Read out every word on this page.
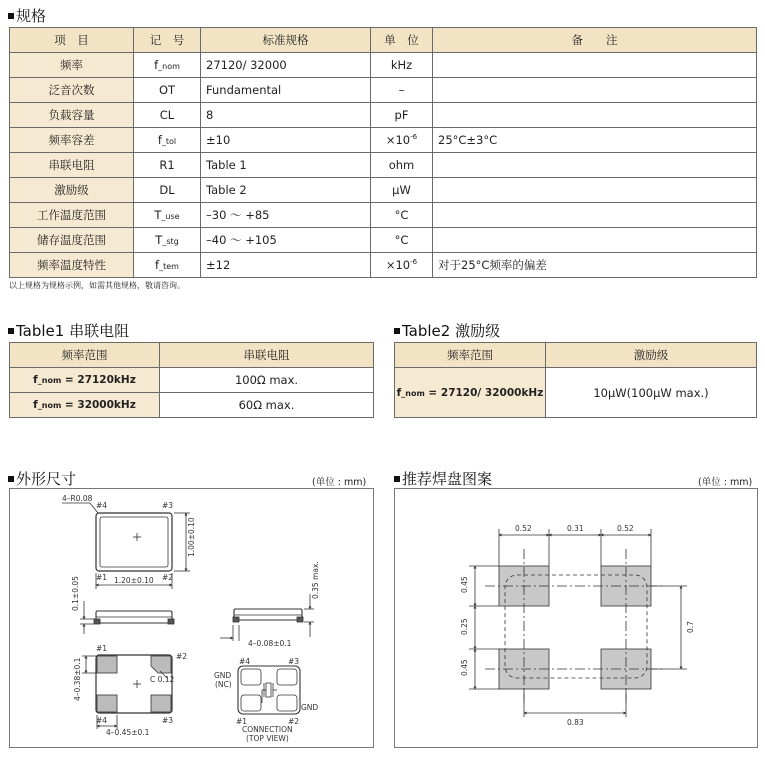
规格
项　目	记　号	标准规格	单　位	备　　注
频率	f_nom	27120/ 32000	kHz	
泛音次数	OT	Fundamental	–	
负载容量	CL	8	pF	
频率容差	f_tol	±10	$\times 10^{-6}$	25°C±3°C
串联电阻	R1	Table 1	ohm	
激励级	DL	Table 2	μW	
工作温度范围	T_use	–30 ～ +85	°C	
储存温度范围	T_stg	–40 ～ +105	°C	
频率温度特性	f_tem	±12	$\times 10^{-6}$	对于25°C频率的偏差
以上规格为规格示例，如需其他规格，敬请咨询。
Table1 串联电阻
频率范围	串联电阻
f_nom = 27120kHz	100Ω max.
f_nom = 32000kHz	60Ω max.
Table2 激励级
频率范围	激励级
f_nom = 27120/ 32000kHz	10μW(100μW max.)
外形尺寸	(单位 : mm)
4–R0.08
#4	#3
#1	#2
1.20±0.10
1.00±0.10
0.1±0.05	0.35 max.
4–0.08±0.1
#1
#2
4–0.38±0.1	C 0.12
#4	#3
4–0.45±0.1
#4	#3
GND
(NC)
GND
#1	#2
CONNECTION
(TOP VIEW)
推荐焊盘图案	(单位 : mm)
0.52	0.31	0.52
0.45
0.25
0.45
0.7
0.83
